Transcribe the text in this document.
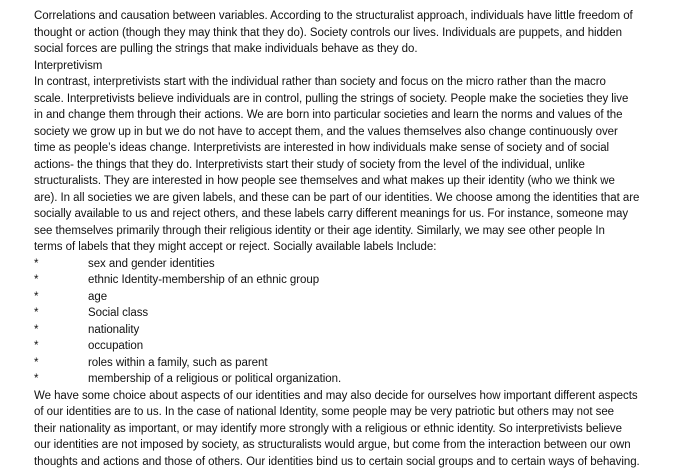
Correlations and causation between variables. According to the structuralist approach, individuals have little freedom of
thought or action (though they may think that they do). Society controls our lives. Individuals are puppets, and hidden
social forces are pulling the strings that make individuals behave as they do.

Interpretivism

In contrast, interpretivists start with the individual rather than society and focus on the micro rather than the macro
scale. Interpretivists believe individuals are in control, pulling the strings of society. People make the societies they live
in and change them through their actions. We are born into particular societies and learn the norms and values of the
society we grow up in but we do not have to accept them, and the values themselves also change continuously over
time as people’s ideas change. Interpretivists are interested in how individuals make sense of society and of social
actions- the things that they do. Interpretivists start their study of society from the level of the individual, unlike
structuralists. They are interested in how people see themselves and what makes up their identity (who we think we
are). In all societies we are given labels, and these can be part of our identities. We choose among the identities that are
socially available to us and reject others, and these labels carry different meanings for us. For instance, someone may
see themselves primarily through their religious identity or their age identity. Similarly, we may see other people In
terms of labels that they might accept or reject. Socially available labels Include:

*	sex and gender identities
*	ethnic Identity-membership of an ethnic group
*	age
*	Social class
*	nationality
*	occupation
*	roles within a family, such as parent
*	membership of a religious or political organization.

We have some choice about aspects of our identities and may also decide for ourselves how important different aspects
of our identities are to us. In the case of national Identity, some people may be very patriotic but others may not see
their nationality as important, or may identify more strongly with a religious or ethnic identity. So interpretivists believe
our identities are not imposed by society, as structuralists would argue, but come from the interaction between our own
thoughts and actions and those of others. Our identities bind us to certain social groups and to certain ways of behaving.
